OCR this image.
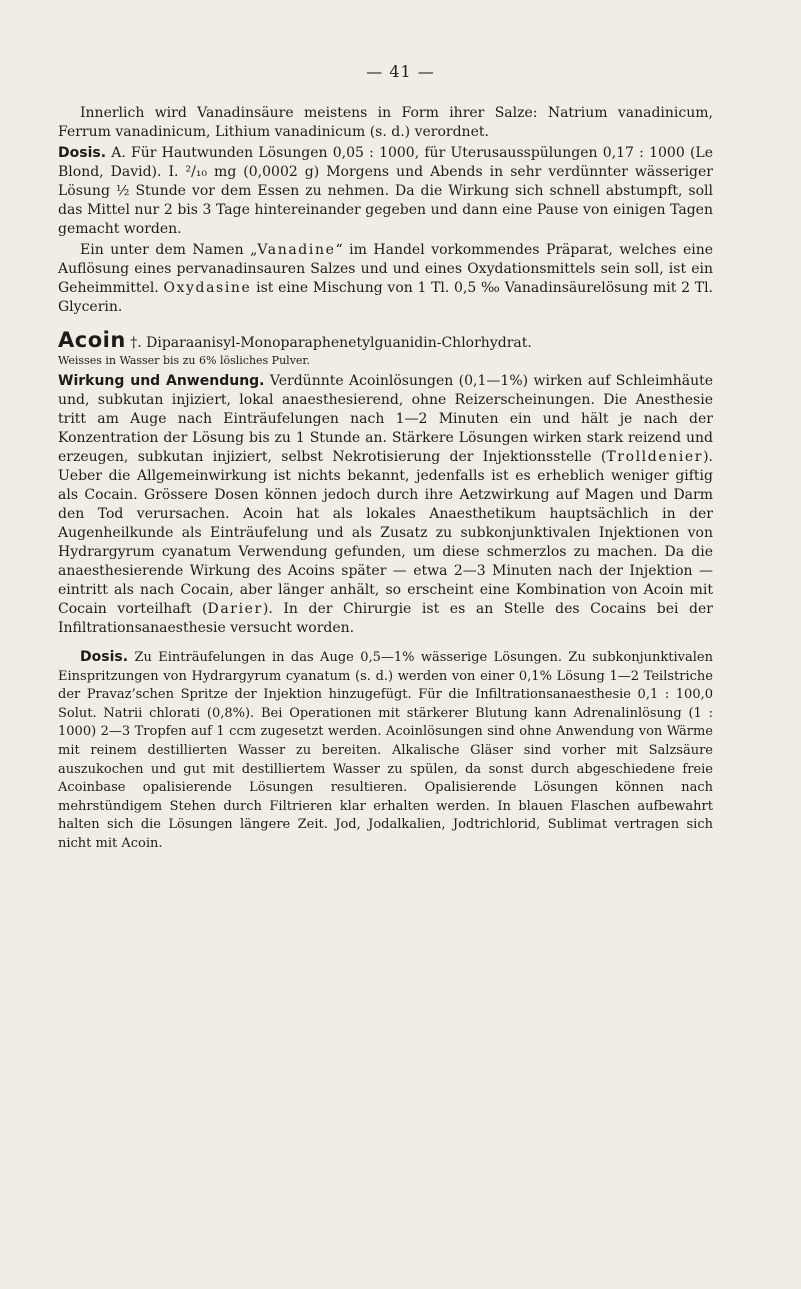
— 41 —

Innerlich wird Vanadinsäure meistens in Form ihrer Salze: Natrium vanadinicum, Ferrum vanadinicum, Lithium vanadinicum (s. d.) verordnet.

Dosis. A. Für Hautwunden Lösungen 0,05 : 1000, für Uterusausspülungen 0,17 : 1000 (Le Blond, David). I. ²/₁₀ mg (0,0002 g) Morgens und Abends in sehr verdünnter wässeriger Lösung ½ Stunde vor dem Essen zu nehmen. Da die Wirkung sich schnell abstumpft, soll das Mittel nur 2 bis 3 Tage hintereinander gegeben und dann eine Pause von einigen Tagen gemacht worden.

Ein unter dem Namen „Vanadine“ im Handel vorkommendes Präparat, welches eine Auflösung eines pervanadinsauren Salzes und und eines Oxydationsmittels sein soll, ist ein Geheimmittel. Oxydasine ist eine Mischung von 1 Tl. 0,5 ‰ Vanadinsäurelösung mit 2 Tl. Glycerin.

Acoin †. Diparaanisyl-Monoparaphenetylguanidin-Chlorhydrat.
Weisses in Wasser bis zu 6% lösliches Pulver.

Wirkung und Anwendung. Verdünnte Acoinlösungen (0,1—1%) wirken auf Schleimhäute und, subkutan injiziert, lokal anaesthesierend, ohne Reizerscheinungen. Die Anesthesie tritt am Auge nach Einträufelungen nach 1—2 Minuten ein und hält je nach der Konzentration der Lösung bis zu 1 Stunde an. Stärkere Lösungen wirken stark reizend und erzeugen, subkutan injiziert, selbst Nekrotisierung der Injektionsstelle (Trolldenier). Ueber die Allgemeinwirkung ist nichts bekannt, jedenfalls ist es erheblich weniger giftig als Cocain. Grössere Dosen können jedoch durch ihre Aetzwirkung auf Magen und Darm den Tod verursachen. Acoin hat als lokales Anaesthetikum hauptsächlich in der Augenheilkunde als Einträufelung und als Zusatz zu subkonjunktivalen Injektionen von Hydrargyrum cyanatum Verwendung gefunden, um diese schmerzlos zu machen. Da die anaesthesierende Wirkung des Acoins später — etwa 2—3 Minuten nach der Injektion — eintritt als nach Cocain, aber länger anhält, so erscheint eine Kombination von Acoin mit Cocain vorteilhaft (Darier). In der Chirurgie ist es an Stelle des Cocains bei der Infiltrationsanaesthesie versucht worden.

Dosis. Zu Einträufelungen in das Auge 0,5—1% wässerige Lösungen. Zu subkonjunktivalen Einspritzungen von Hydrargyrum cyanatum (s. d.) werden von einer 0,1% Lösung 1—2 Teilstriche der Pravaz’schen Spritze der Injektion hinzugefügt. Für die Infiltrationsanaesthesie 0,1 : 100,0 Solut. Natrii chlorati (0,8%). Bei Operationen mit stärkerer Blutung kann Adrenalinlösung (1 : 1000) 2—3 Tropfen auf 1 ccm zugesetzt werden. Acoinlösungen sind ohne Anwendung von Wärme mit reinem destillierten Wasser zu bereiten. Alkalische Gläser sind vorher mit Salzsäure auszukochen und gut mit destilliertem Wasser zu spülen, da sonst durch abgeschiedene freie Acoinbase opalisierende Lösungen resultieren. Opalisierende Lösungen können nach mehrstündigem Stehen durch Filtrieren klar erhalten werden. In blauen Flaschen aufbewahrt halten sich die Lösungen längere Zeit. Jod, Jodalkalien, Jodtrichlorid, Sublimat vertragen sich nicht mit Acoin.
